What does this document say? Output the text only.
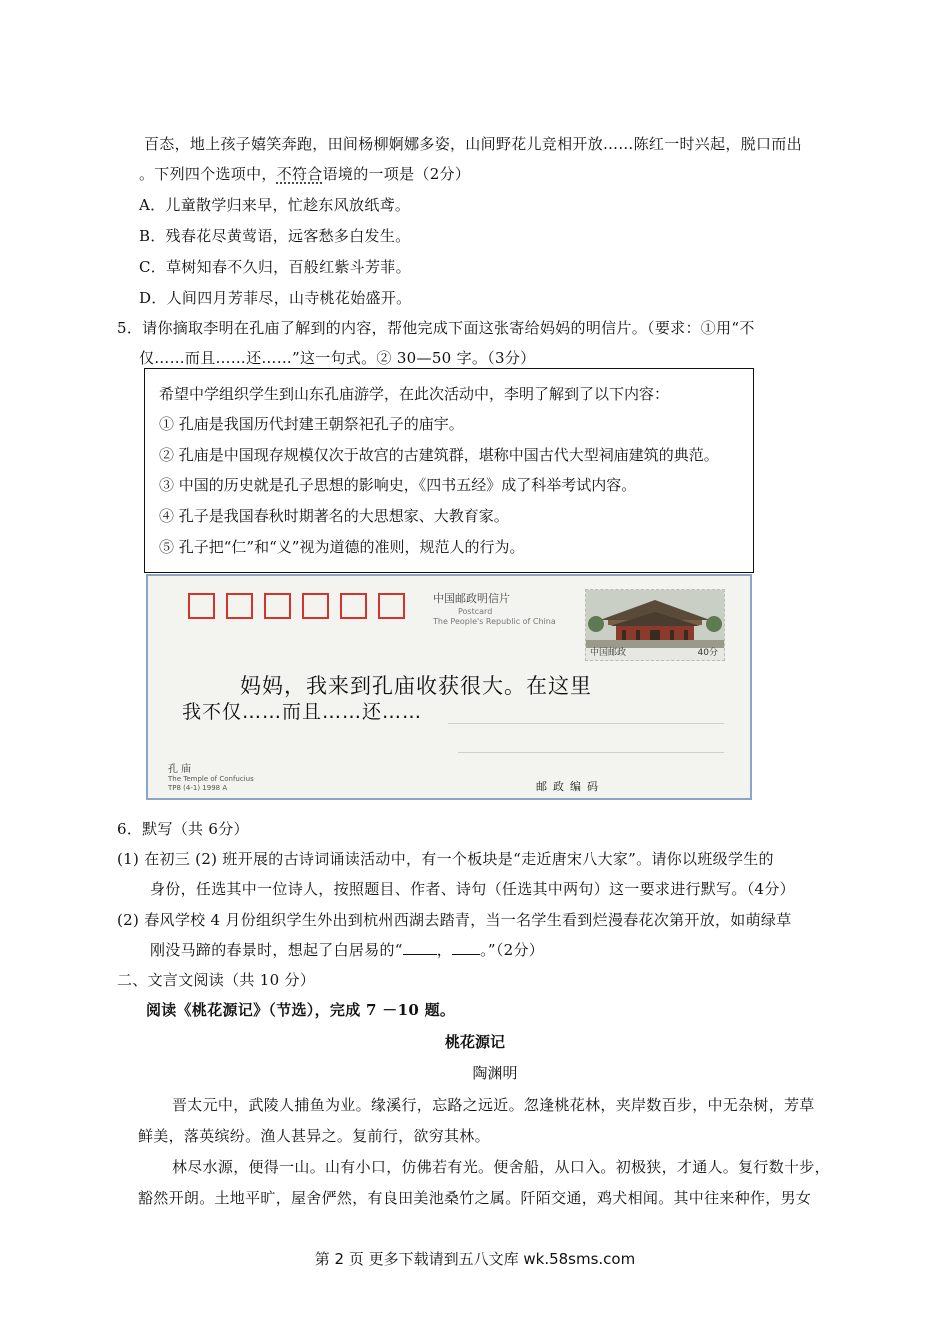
百态，地上孩子嬉笑奔跑，田间杨柳婀娜多姿，山间野花儿竞相开放……陈红一时兴起，脱口而出
。下列四个选项中，不符合语境的一项是（2分）
A．儿童散学归来早，忙趁东风放纸鸢。
B．残春花尽黄莺语，远客愁多白发生。
C．草树知春不久归，百般红紫斗芳菲。
D．人间四月芳菲尽，山寺桃花始盛开。
5．请你摘取李明在孔庙了解到的内容，帮他完成下面这张寄给妈妈的明信片。（要求：①用“不
仅……而且……还……”这一句式。② 30—50 字。（3分）
希望中学组织学生到山东孔庙游学，在此次活动中，李明了解到了以下内容：
① 孔庙是我国历代封建王朝祭祀孔子的庙宇。
② 孔庙是中国现存规模仅次于故宫的古建筑群，堪称中国古代大型祠庙建筑的典范。
③ 中国的历史就是孔子思想的影响史，《四书五经》成了科举考试内容。
④ 孔子是我国春秋时期著名的大思想家、大教育家。
⑤ 孔子把“仁”和“义”视为道德的准则，规范人的行为。
中国邮政明信片
Postcard
The People's Republic of China
中国邮政	40分
妈妈，我来到孔庙收获很大。在这里
我不仅……而且……还……
孔 庙
The Temple of Confucius
TP8 (4-1) 1998 A	邮政编码
6．默写（共 6分）
(1) 在初三 (2) 班开展的古诗词诵读活动中，有一个板块是“走近唐宋八大家”。请你以班级学生的
身份，任选其中一位诗人，按照题目、作者、诗句（任选其中两句）这一要求进行默写。（4分）
(2) 春风学校 4 月份组织学生外出到杭州西湖去踏青，当一名学生看到烂漫春花次第开放，如萌绿草
刚没马蹄的春景时，想起了白居易的“ ， 。”（2分）
二、文言文阅读（共 10 分）
阅读《桃花源记》（节选），完成 7 －10 题。
桃花源记
陶渊明
晋太元中，武陵人捕鱼为业。缘溪行，忘路之远近。忽逢桃花林，夹岸数百步，中无杂树，芳草
鲜美，落英缤纷。渔人甚异之。复前行，欲穷其林。
林尽水源，便得一山。山有小口，仿佛若有光。便舍船，从口入。初极狭，才通人。复行数十步，
豁然开朗。土地平旷，屋舍俨然，有良田美池桑竹之属。阡陌交通，鸡犬相闻。其中往来种作，男女
第 2 页 更多下载请到五八文库 wk.58sms.com
